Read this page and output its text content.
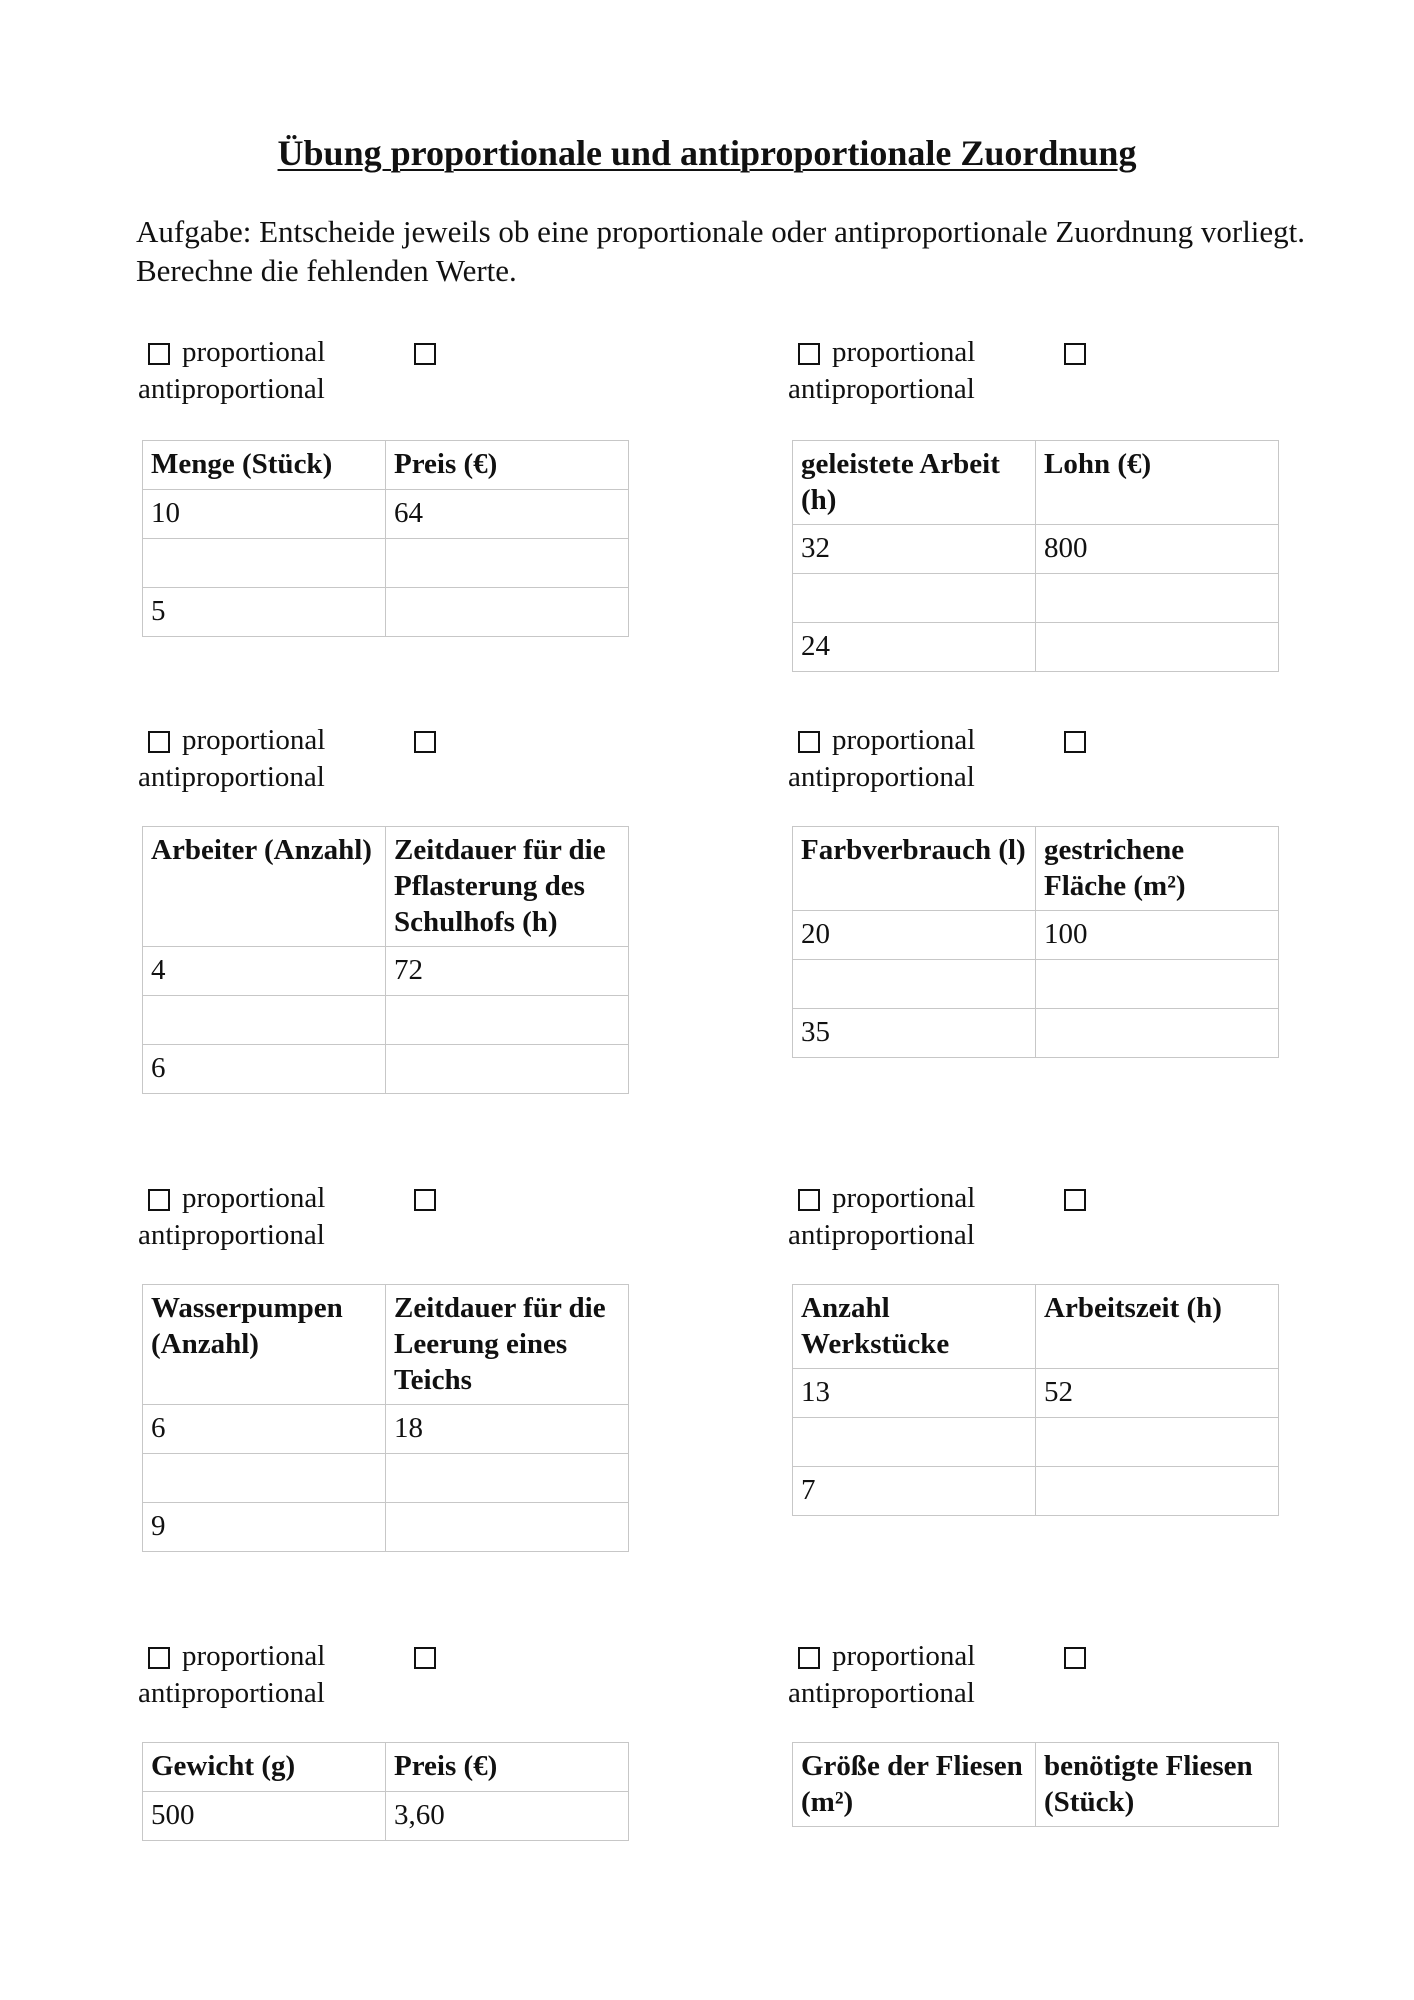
Übung proportionale und antiproportionale Zuordnung
Aufgabe: Entscheide jeweils ob eine proportionale oder antiproportionale Zuordnung vorliegt. Berechne die fehlenden Werte.
proportional
antiproportional
Menge (Stück)	Preis (€)
10	64

5	
proportional
antiproportional
geleistete Arbeit (h)	Lohn (€)
32	800

24	
proportional
antiproportional
Arbeiter (Anzahl)	Zeitdauer für die Pflasterung des Schulhofs (h)
4	72

6	
proportional
antiproportional
Farbverbrauch (l)	gestrichene Fläche (m²)
20	100

35	
proportional
antiproportional
Wasserpumpen (Anzahl)	Zeitdauer für die Leerung eines Teichs
6	18

9	
proportional
antiproportional
Anzahl Werkstücke	Arbeitszeit (h)
13	52

7	
proportional
antiproportional
Gewicht (g)	Preis (€)
500	3,60
proportional
antiproportional
Größe der Fliesen (m²)	benötigte Fliesen (Stück)
